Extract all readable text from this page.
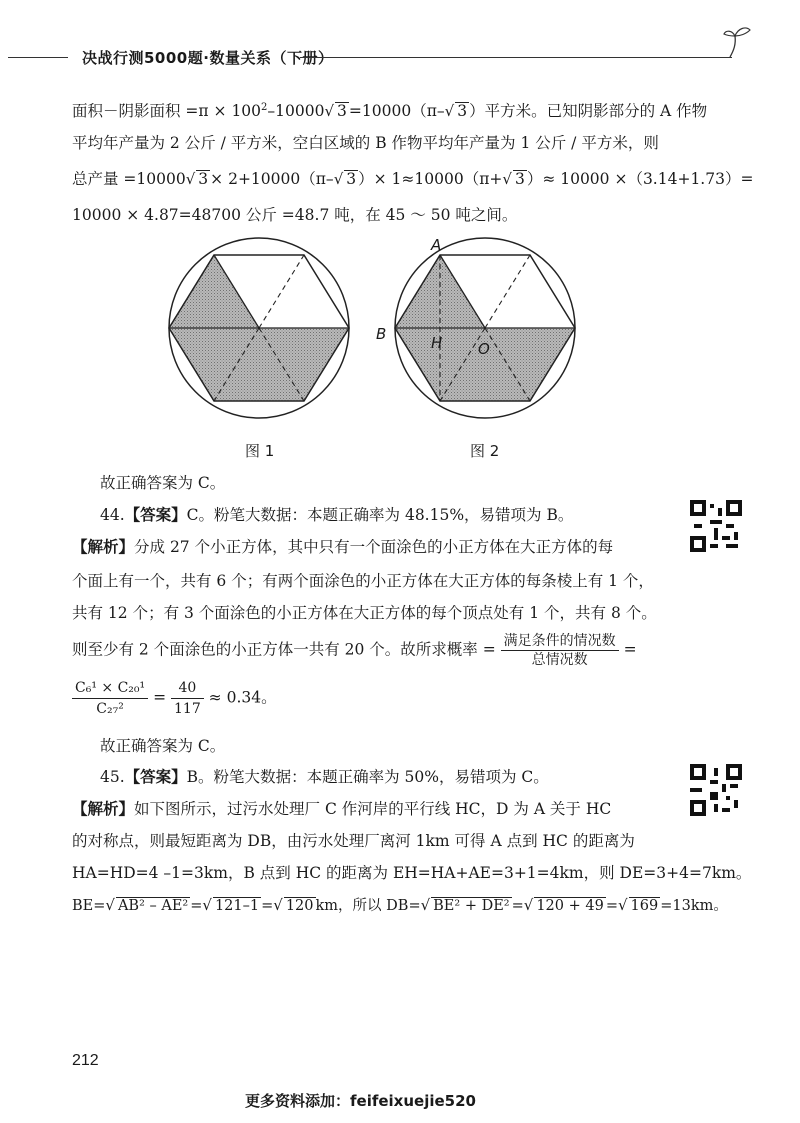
决战行测5000题·数量关系（下册）
面积－阴影面积 $=\pi \times 100^2-10000√$ 3 =10000（π–√ 3 ）平方米。已知阴影部分的 A 作物
平均年产量为 2 公斤 / 平方米，空白区域的 B 作物平均年产量为 1 公斤 / 平方米，则
总产量 =10000√ 3 × 2+10000（π–√ 3 ）× 1≈10000（π+√ 3 ）≈ 10000 ×（3.14+1.73）=
10000 × 4.87=48700 公斤 =48.7 吨，在 45 ～ 50 吨之间。
A
B	H O
图 1	图 2
故正确答案为 C。
44.【答案】C。粉笔大数据：本题正确率为 48.15%，易错项为 B。
【解析】分成 27 个小正方体，其中只有一个面涂色的小正方体在大正方体的每
个面上有一个，共有 6 个；有两个面涂色的小正方体在大正方体的每条棱上有 1 个，
共有 12 个；有 3 个面涂色的小正方体在大正方体的每个顶点处有 1 个，共有 8 个。
则至少有 2 个面涂色的小正方体一共有 20 个。故所求概率 = $\frac{\text{满足条件的情况数}}{\text{总情况数}}$ =
$\frac{\text{C₆¹ × C₂₀¹}}{\text{C₂₇²}} = \frac{40}{117} \approx 0.34$。
故正确答案为 C。
45.【答案】B。粉笔大数据：本题正确率为 50%，易错项为 C。
【解析】如下图所示，过污水处理厂 C 作河岸的平行线 HC，D 为 A 关于 HC
的对称点，则最短距离为 DB，由污水处理厂离河 1km 可得 A 点到 HC 的距离为
HA=HD=4 –1=3km，B 点到 HC 的距离为 EH=HA+AE=3+1=4km，则 DE=3+4=7km。
BE=√ AB² – AE² =√ 121–1 =√ 120 km，所以 DB=√ BE² + DE² =√ 120 + 49 =√ 169 =13km。
212
更多资料添加：feifeixuejie520
